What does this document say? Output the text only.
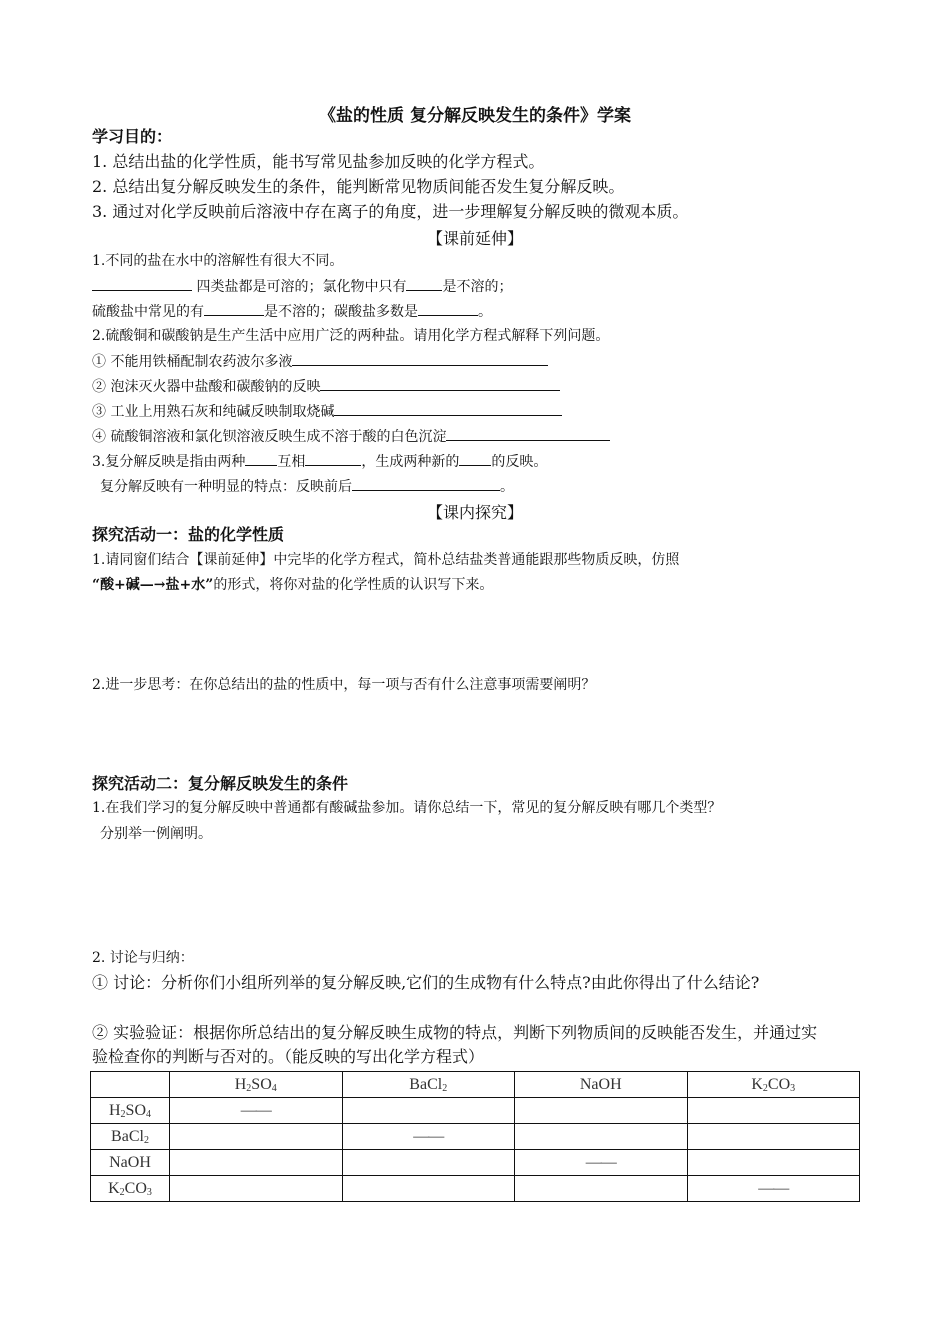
《盐的性质 复分解反映发生的条件》学案
学习目的：
1. 总结出盐的化学性质，能书写常见盐参加反映的化学方程式。
2. 总结出复分解反映发生的条件，能判断常见物质间能否发生复分解反映。
3. 通过对化学反映前后溶液中存在离子的角度，进一步理解复分解反映的微观本质。
【课前延伸】
1.不同的盐在水中的溶解性有很大不同。
四类盐都是可溶的；氯化物中只有	是不溶的；
硫酸盐中常见的有	是不溶的；碳酸盐多数是	。
2.硫酸铜和碳酸钠是生产生活中应用广泛的两种盐。请用化学方程式解释下列问题。
① 不能用铁桶配制农药波尔多液
② 泡沫灭火器中盐酸和碳酸钠的反映
③ 工业上用熟石灰和纯碱反映制取烧碱
④ 硫酸铜溶液和氯化钡溶液反映生成不溶于酸的白色沉淀
3.复分解反映是指由两种 互相	，生成两种新的 的反映。
复分解反映有一种明显的特点：反映前后	。
【课内探究】
探究活动一：盐的化学性质
1.请同窗们结合【课前延伸】中完毕的化学方程式，简朴总结盐类普通能跟那些物质反映，仿照
“酸+碱—→盐+水”的形式，将你对盐的化学性质的认识写下来。
2.进一步思考：在你总结出的盐的性质中，每一项与否有什么注意事项需要阐明？
探究活动二：复分解反映发生的条件
1.在我们学习的复分解反映中普通都有酸碱盐参加。请你总结一下，常见的复分解反映有哪几个类型？
分别举一例阐明。
2. 讨论与归纳：
① 讨论：分析你们小组所列举的复分解反映,它们的生成物有什么特点?由此你得出了什么结论?
② 实验验证：根据你所总结出的复分解反映生成物的特点，判断下列物质间的反映能否发生，并通过实
验检查你的判断与否对的。（能反映的写出化学方程式）
	$H_2SO_4$	BaCl$_2$	NaOH	$K_2CO_3$
$H_2SO_4$	——			
BaCl$_2$		——		
NaOH			——	
$K_2CO_3$				——
